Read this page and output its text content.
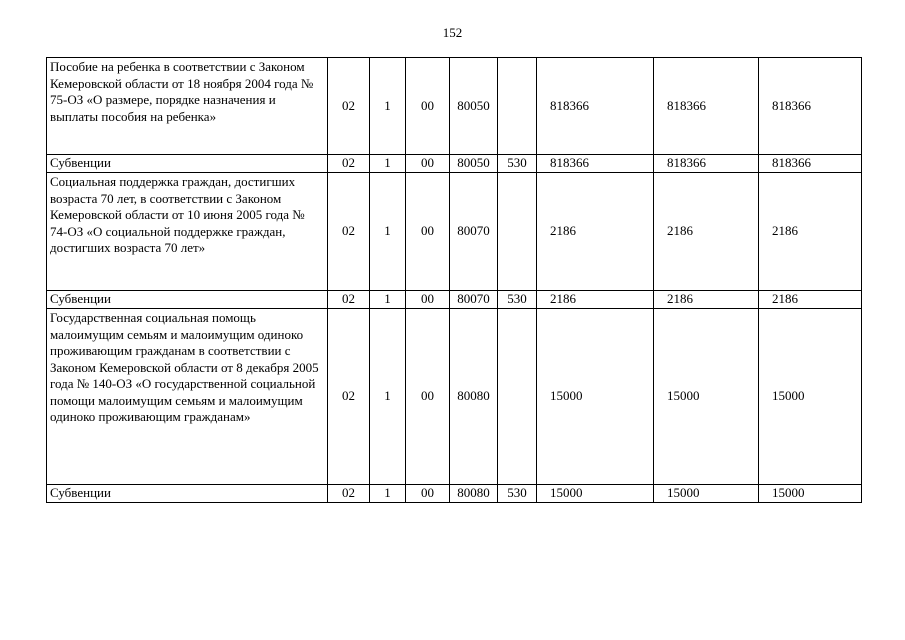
152
Пособие на ребенка в соответствии с Законом Кемеровской области от 18 ноября 2004 года № 75-ОЗ «О размере, порядке назначения и выплаты пособия на ребенка»	02	1	00	80050		818366	818366	818366
Субвенции	02	1	00	80050	530	818366	818366	818366
Социальная поддержка граждан, достигших возраста 70 лет, в соответствии с Законом Кемеровской области от 10 июня 2005 года № 74-ОЗ «О социальной поддержке граждан, достигших возраста 70 лет»	02	1	00	80070		2186	2186	2186
Субвенции	02	1	00	80070	530	2186	2186	2186
Государственная социальная помощь малоимущим семьям и малоимущим одиноко проживающим гражданам в соответствии с Законом Кемеровской области от 8 декабря 2005 года № 140-ОЗ «О государственной социальной помощи малоимущим семьям и малоимущим одиноко проживающим гражданам»	02	1	00	80080		15000	15000	15000
Субвенции	02	1	00	80080	530	15000	15000	15000
